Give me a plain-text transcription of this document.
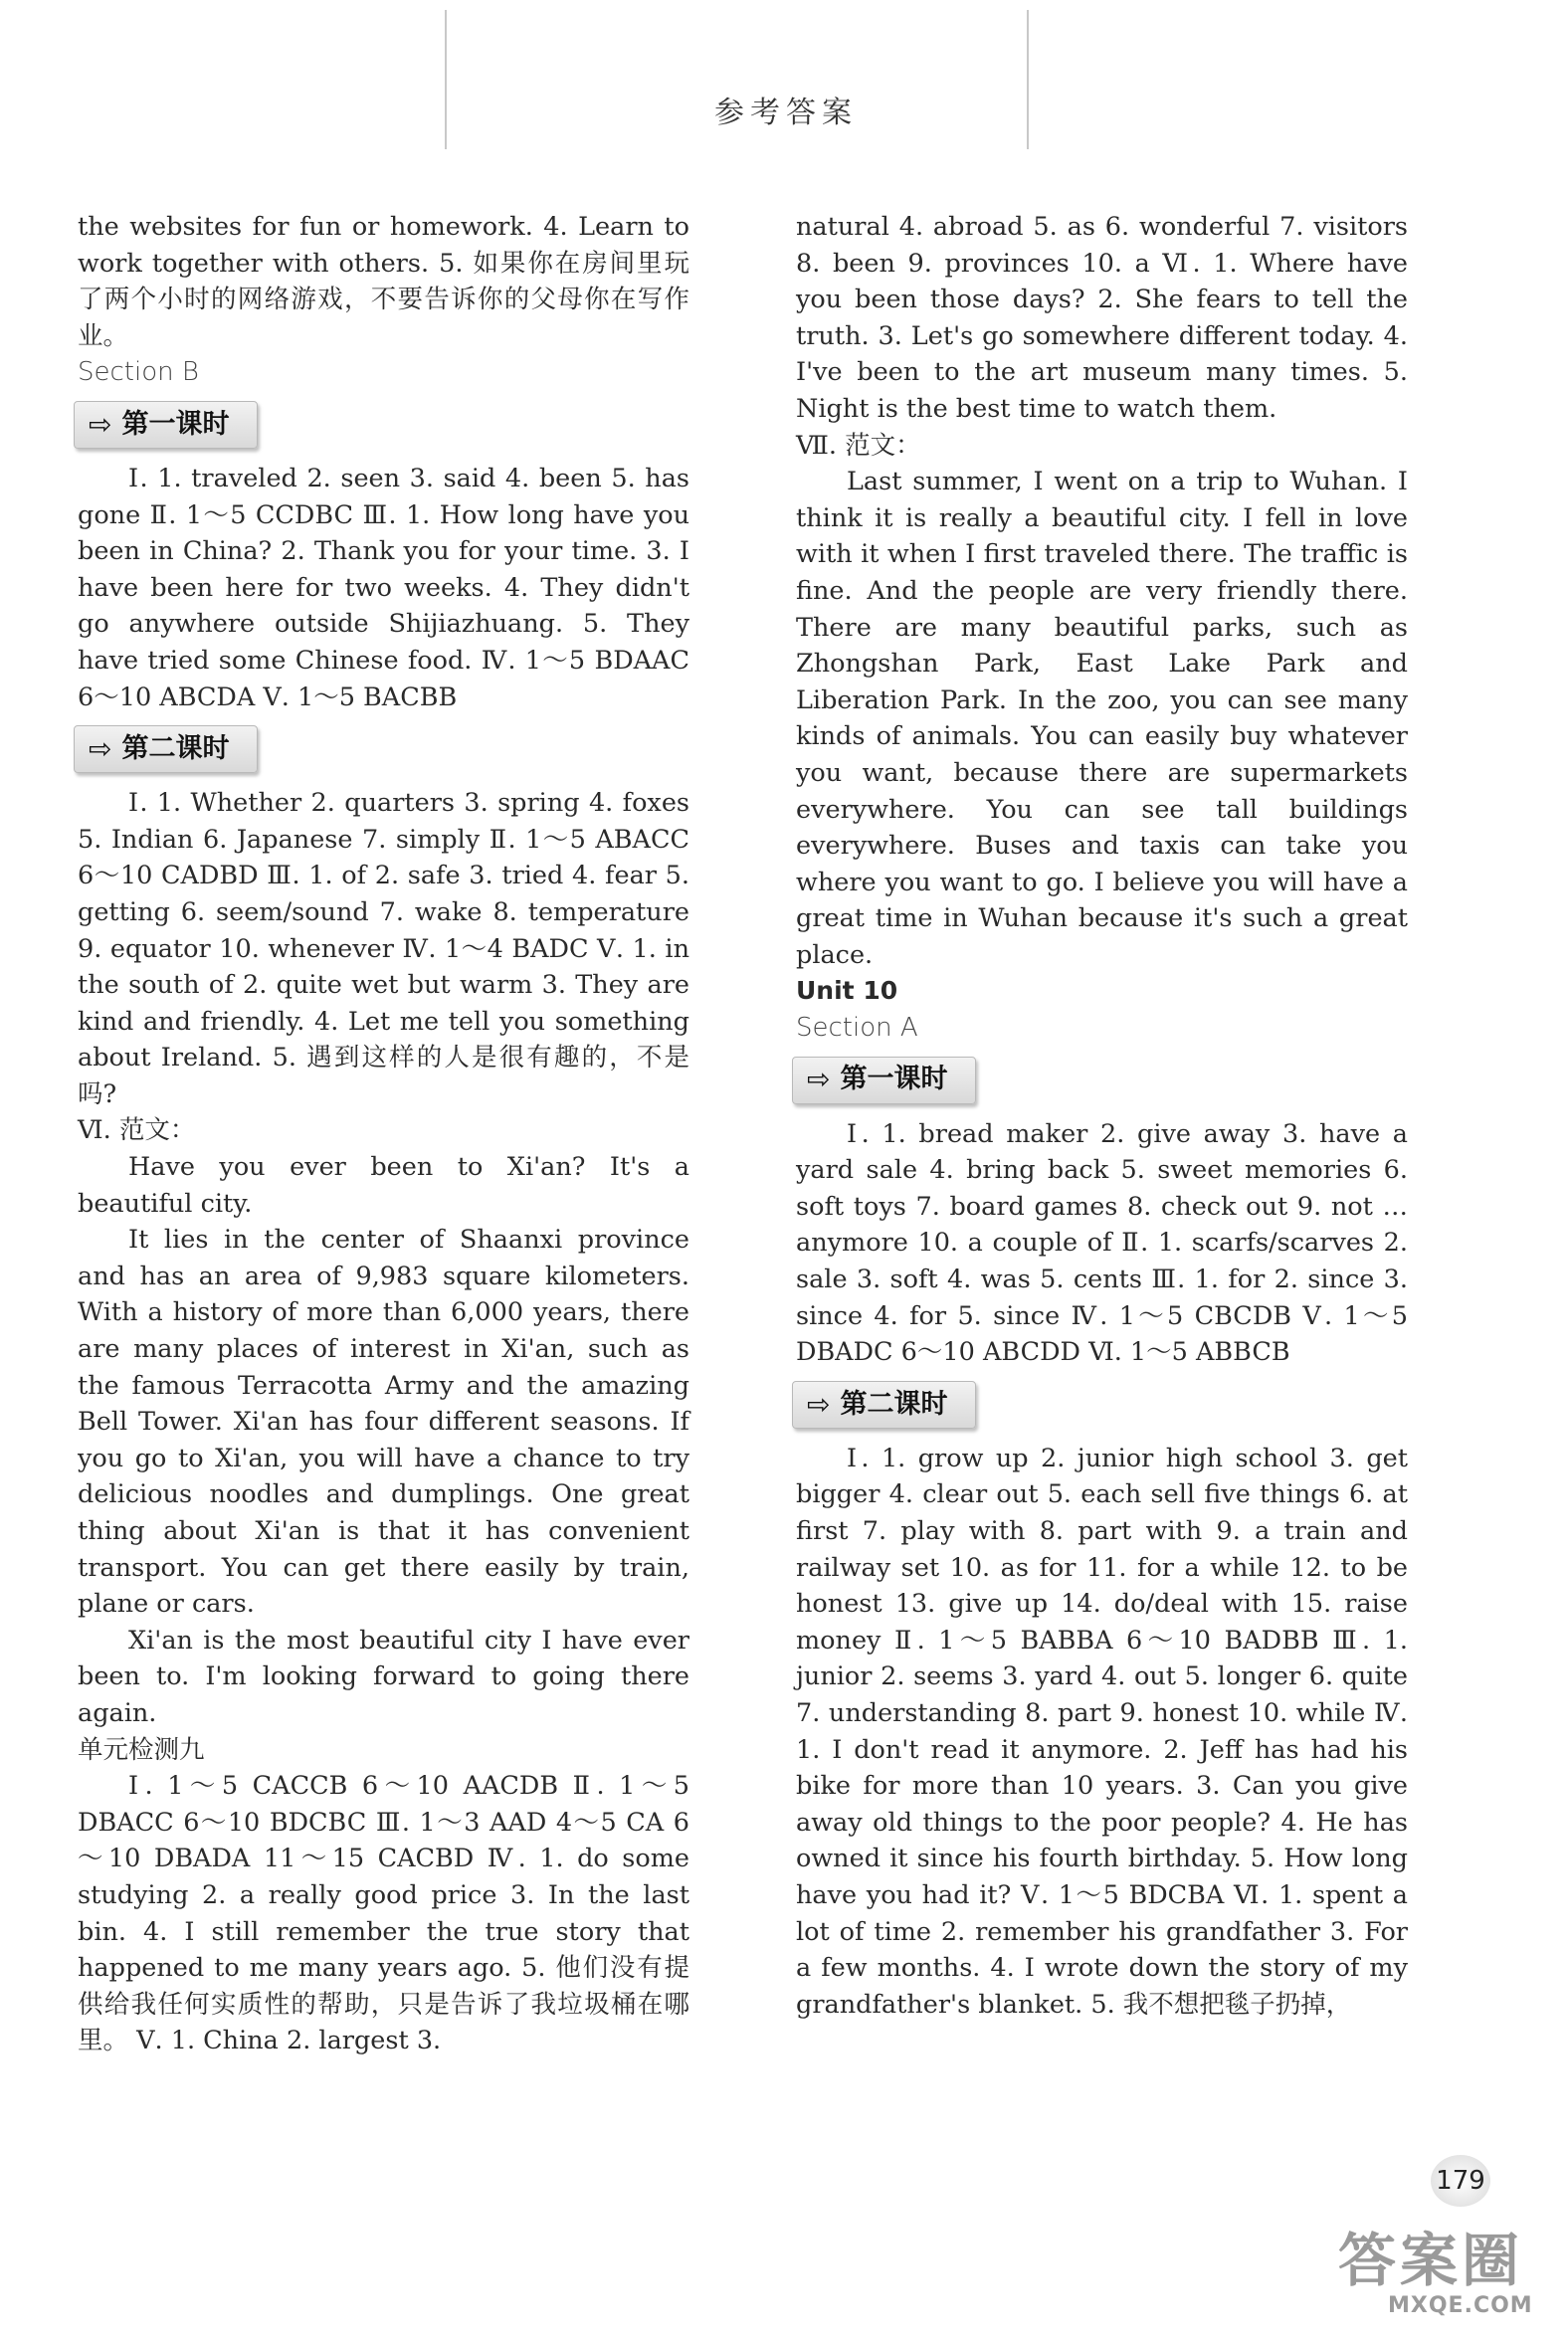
参考答案

the websites for fun or homework. 4. Learn to work together with others. 5. 如果你在房间里玩了两个小时的网络游戏，不要告诉你的父母你在写作业。

Section B

⇨ 第一课时

Ⅰ. 1. traveled 2. seen 3. said 4. been 5. has gone Ⅱ. 1～5 CCDBC Ⅲ. 1. How long have you been in China? 2. Thank you for your time. 3. I have been here for two weeks. 4. They didn't go anywhere outside Shijiazhuang. 5. They have tried some Chinese food. Ⅳ. 1～5 BDAAC 6～10 ABCDA Ⅴ. 1～5 BACBB

⇨ 第二课时

Ⅰ. 1. Whether 2. quarters 3. spring 4. foxes 5. Indian 6. Japanese 7. simply Ⅱ. 1～5 ABACC 6～10 CADBD Ⅲ. 1. of 2. safe 3. tried 4. fear 5. getting 6. seem/sound 7. wake 8. temperature 9. equator 10. whenever Ⅳ. 1～4 BADC Ⅴ. 1. in the south of 2. quite wet but warm 3. They are kind and friendly. 4. Let me tell you something about Ireland. 5. 遇到这样的人是很有趣的，不是吗?

Ⅵ. 范文：

Have you ever been to Xi'an? It's a beautiful city.

It lies in the center of Shaanxi province and has an area of 9,983 square kilometers. With a history of more than 6,000 years, there are many places of interest in Xi'an, such as the famous Terracotta Army and the amazing Bell Tower. Xi'an has four different seasons. If you go to Xi'an, you will have a chance to try delicious noodles and dumplings. One great thing about Xi'an is that it has convenient transport. You can get there easily by train, plane or cars.

Xi'an is the most beautiful city I have ever been to. I'm looking forward to going there again.

单元检测九

Ⅰ. 1～5 CACCB 6～10 AACDB Ⅱ. 1～5 DBACC 6～10 BDCBC Ⅲ. 1～3 AAD 4～5 CA 6～10 DBADA 11～15 CACBD Ⅳ. 1. do some studying 2. a really good price 3. In the last bin. 4. I still remember the true story that happened to me many years ago. 5. 他们没有提供给我任何实质性的帮助，只是告诉了我垃圾桶在哪里。 Ⅴ. 1. China 2. largest 3.

natural 4. abroad 5. as 6. wonderful 7. visitors 8. been 9. provinces 10. a Ⅵ. 1. Where have you been those days? 2. She fears to tell the truth. 3. Let's go somewhere different today. 4. I've been to the art museum many times. 5. Night is the best time to watch them.

Ⅶ. 范文：

Last summer, I went on a trip to Wuhan. I think it is really a beautiful city. I fell in love with it when I first traveled there. The traffic is fine. And the people are very friendly there. There are many beautiful parks, such as Zhongshan Park, East Lake Park and Liberation Park. In the zoo, you can see many kinds of animals. You can easily buy whatever you want, because there are supermarkets everywhere. You can see tall buildings everywhere. Buses and taxis can take you where you want to go. I believe you will have a great time in Wuhan because it's such a great place.

Unit 10

Section A

⇨ 第一课时

Ⅰ. 1. bread maker 2. give away 3. have a yard sale 4. bring back 5. sweet memories 6. soft toys 7. board games 8. check out 9. not … anymore 10. a couple of Ⅱ. 1. scarfs/scarves 2. sale 3. soft 4. was 5. cents Ⅲ. 1. for 2. since 3. since 4. for 5. since Ⅳ. 1～5 CBCDB Ⅴ. 1～5 DBADC 6～10 ABCDD Ⅵ. 1～5 ABBCB

⇨ 第二课时

Ⅰ. 1. grow up 2. junior high school 3. get bigger 4. clear out 5. each sell five things 6. at first 7. play with 8. part with 9. a train and railway set 10. as for 11. for a while 12. to be honest 13. give up 14. do/deal with 15. raise money Ⅱ. 1～5 BABBA 6～10 BADBB Ⅲ. 1. junior 2. seems 3. yard 4. out 5. longer 6. quite 7. understanding 8. part 9. honest 10. while Ⅳ. 1. I don't read it anymore. 2. Jeff has had his bike for more than 10 years. 3. Can you give away old things to the poor people? 4. He has owned it since his fourth birthday. 5. How long have you had it? Ⅴ. 1～5 BDCBA Ⅵ. 1. spent a lot of time 2. remember his grandfather 3. For a few months. 4. I wrote down the story of my grandfather's blanket. 5. 我不想把毯子扔掉，

179
答案圈
MXQE.COM
